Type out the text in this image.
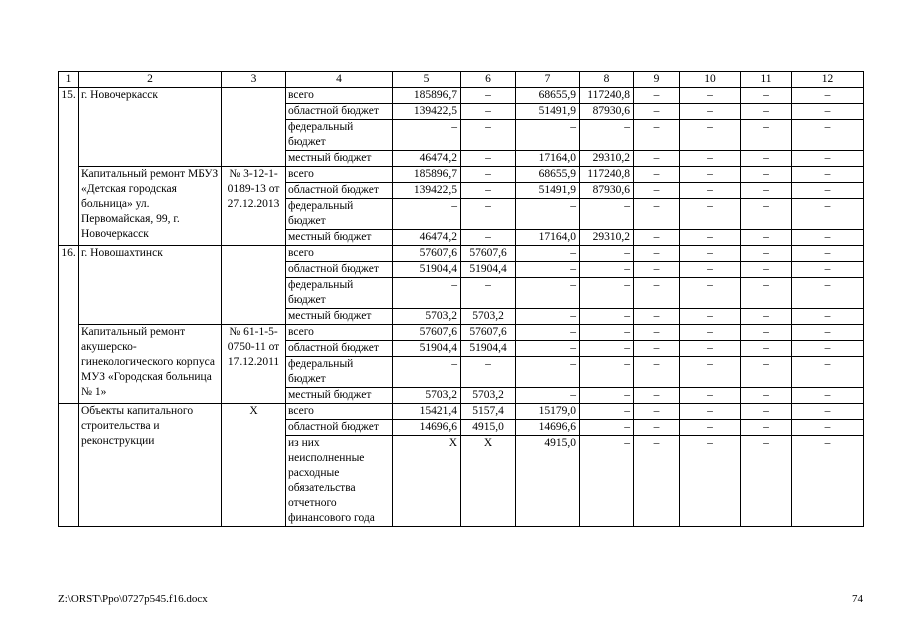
1	2	3	4	5	6	7	8	9	10	11	12
15.	г. Новочеркасск		всего	185896,7	–	68655,9	117240,8	–	–	–	–
			областной бюджет	139422,5	–	51491,9	87930,6	–	–	–	–
			федеральный бюджет	–	–	–	–	–	–	–	–
			местный бюджет	46474,2	–	17164,0	29310,2	–	–	–	–
	Капитальный ремонт МБУЗ «Детская городская больница» ул. Первомайская, 99, г. Новочеркасск	№ 3-12-1-0189-13 от 27.12.2013	всего	185896,7	–	68655,9	117240,8	–	–	–	–
			областной бюджет	139422,5	–	51491,9	87930,6	–	–	–	–
			федеральный бюджет	–	–	–	–	–	–	–	–
			местный бюджет	46474,2	–	17164,0	29310,2	–	–	–	–
16.	г. Новошахтинск		всего	57607,6	57607,6	–	–	–	–	–	–
			областной бюджет	51904,4	51904,4	–	–	–	–	–	–
			федеральный бюджет	–	–	–	–	–	–	–	–
			местный бюджет	5703,2	5703,2	–	–	–	–	–	–
	Капитальный ремонт акушерско-гинекологического корпуса МУЗ «Городская больница № 1»	№ 61-1-5-0750-11 от 17.12.2011	всего	57607,6	57607,6	–	–	–	–	–	–
			областной бюджет	51904,4	51904,4	–	–	–	–	–	–
			федеральный бюджет	–	–	–	–	–	–	–	–
			местный бюджет	5703,2	5703,2	–	–	–	–	–	–
	Объекты капитального строительства и реконструкции	Х	всего	15421,4	5157,4	15179,0	–	–	–	–	–
			областной бюджет	14696,6	4915,0	14696,6	–	–	–	–	–
			из них неисполненные расходные обязательства отчетного финансового года	Х	Х	4915,0	–	–	–	–	–
Z:\ORST\Ppo\0727p545.f16.docx	74
